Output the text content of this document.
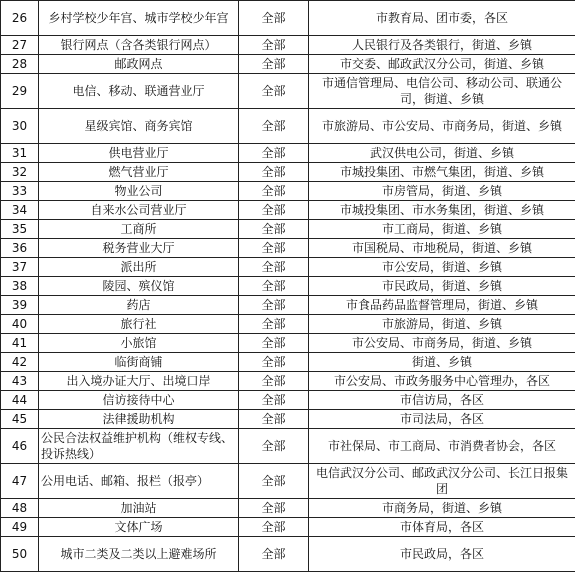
26	乡村学校少年宫、城市学校少年宫	全部	市教育局、团市委，各区
27	银行网点（含各类银行网点）	全部	人民银行及各类银行，街道、乡镇
28	邮政网点	全部	市交委、邮政武汉分公司，街道、乡镇
29	电信、移动、联通营业厅	全部	市通信管理局、电信公司、移动公司、联通公司，街道、乡镇
30	星级宾馆、商务宾馆	全部	市旅游局、市公安局、市商务局，街道、乡镇
31	供电营业厅	全部	武汉供电公司，街道、乡镇
32	燃气营业厅	全部	市城投集团、市燃气集团，街道、乡镇
33	物业公司	全部	市房管局，街道、乡镇
34	自来水公司营业厅	全部	市城投集团、市水务集团，街道、乡镇
35	工商所	全部	市工商局，街道、乡镇
36	税务营业大厅	全部	市国税局、市地税局，街道、乡镇
37	派出所	全部	市公安局，街道、乡镇
38	陵园、殡仪馆	全部	市民政局，街道、乡镇
39	药店	全部	市食品药品监督管理局，街道、乡镇
40	旅行社	全部	市旅游局，街道、乡镇
41	小旅馆	全部	市公安局、市商务局，街道、乡镇
42	临街商铺	全部	街道、乡镇
43	出入境办证大厅、出境口岸	全部	市公安局、市政务服务中心管理办，各区
44	信访接待中心	全部	市信访局，各区
45	法律援助机构	全部	市司法局，各区
46	公民合法权益维护机构（维权专线、投诉热线）	全部	市社保局、市工商局、市消费者协会，各区
47	公用电话、邮箱、报栏（报亭）	全部	电信武汉分公司、邮政武汉分公司、长江日报集团
48	加油站	全部	市商务局，街道、乡镇
49	文体广场	全部	市体育局，各区
50	城市二类及二类以上避难场所	全部	市民政局，各区
